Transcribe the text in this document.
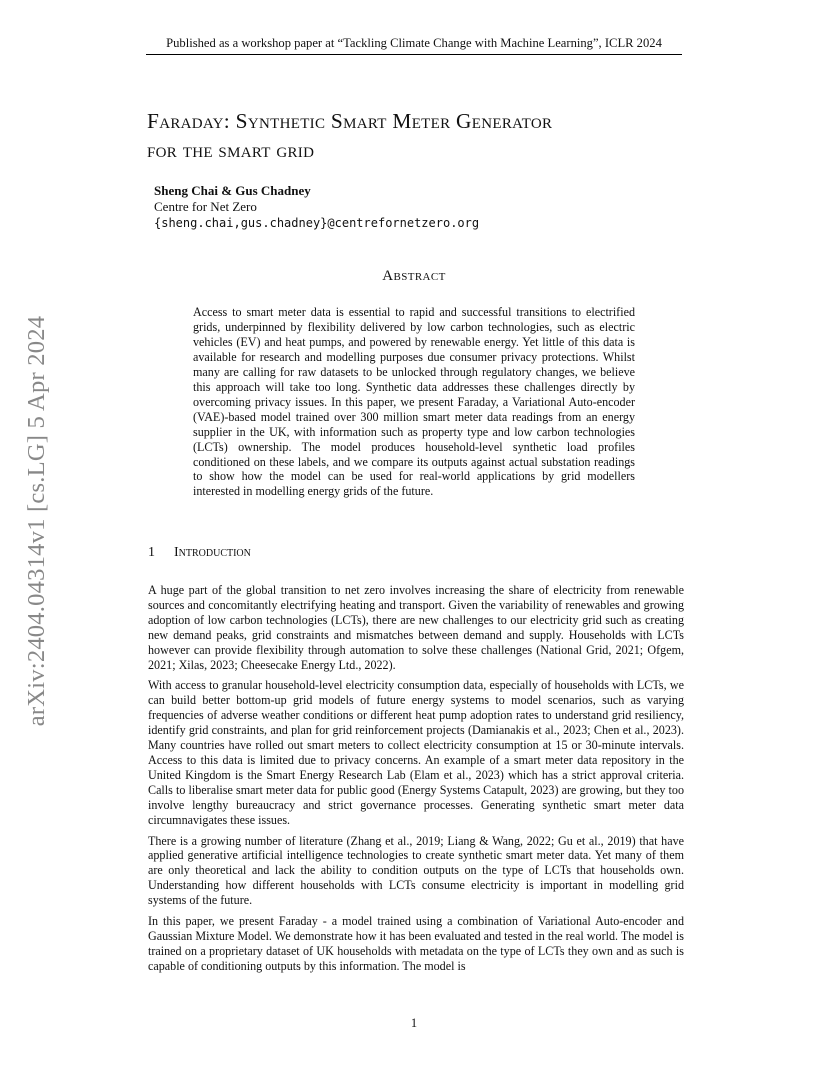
Published as a workshop paper at “Tackling Climate Change with Machine Learning”, ICLR 2024
arXiv:2404.04314v1 [cs.LG] 5 Apr 2024
Faraday: Synthetic Smart Meter Generator
for the smart grid
Sheng Chai & Gus Chadney
Centre for Net Zero
{sheng.chai,gus.chadney}@centrefornetzero.org
Abstract
Access to smart meter data is essential to rapid and successful transitions to electrified grids, underpinned by flexibility delivered by low carbon technologies, such as electric vehicles (EV) and heat pumps, and powered by renewable energy. Yet little of this data is available for research and modelling purposes due consumer privacy protections. Whilst many are calling for raw datasets to be unlocked through regulatory changes, we believe this approach will take too long. Synthetic data addresses these challenges directly by overcoming privacy issues. In this paper, we present Faraday, a Variational Auto-encoder (VAE)-based model trained over 300 million smart meter data readings from an energy supplier in the UK, with information such as property type and low carbon technologies (LCTs) ownership. The model produces household-level synthetic load profiles conditioned on these labels, and we compare its outputs against actual substation readings to show how the model can be used for real-world applications by grid modellers interested in modelling energy grids of the future.
1 Introduction

A huge part of the global transition to net zero involves increasing the share of electricity from renewable sources and concomitantly electrifying heating and transport. Given the variability of renewables and growing adoption of low carbon technologies (LCTs), there are new challenges to our electricity grid such as creating new demand peaks, grid constraints and mismatches between demand and supply. Households with LCTs however can provide flexibility through automation to solve these challenges (National Grid, 2021; Ofgem, 2021; Xilas, 2023; Cheesecake Energy Ltd., 2022).

With access to granular household-level electricity consumption data, especially of households with LCTs, we can build better bottom-up grid models of future energy systems to model scenarios, such as varying frequencies of adverse weather conditions or different heat pump adoption rates to understand grid resiliency, identify grid constraints, and plan for grid reinforcement projects (Damianakis et al., 2023; Chen et al., 2023). Many countries have rolled out smart meters to collect electricity consumption at 15 or 30-minute intervals. Access to this data is limited due to privacy concerns. An example of a smart meter data repository in the United Kingdom is the Smart Energy Research Lab (Elam et al., 2023) which has a strict approval criteria. Calls to liberalise smart meter data for public good (Energy Systems Catapult, 2023) are growing, but they too involve lengthy bureaucracy and strict governance processes. Generating synthetic smart meter data circumnavigates these issues.

There is a growing number of literature (Zhang et al., 2019; Liang & Wang, 2022; Gu et al., 2019) that have applied generative artificial intelligence technologies to create synthetic smart meter data. Yet many of them are only theoretical and lack the ability to condition outputs on the type of LCTs that households own. Understanding how different households with LCTs consume electricity is important in modelling grid systems of the future.

In this paper, we present Faraday - a model trained using a combination of Variational Auto-encoder and Gaussian Mixture Model. We demonstrate how it has been evaluated and tested in the real world. The model is trained on a proprietary dataset of UK households with metadata on the type of LCTs they own and as such is capable of conditioning outputs by this information. The model is

1
